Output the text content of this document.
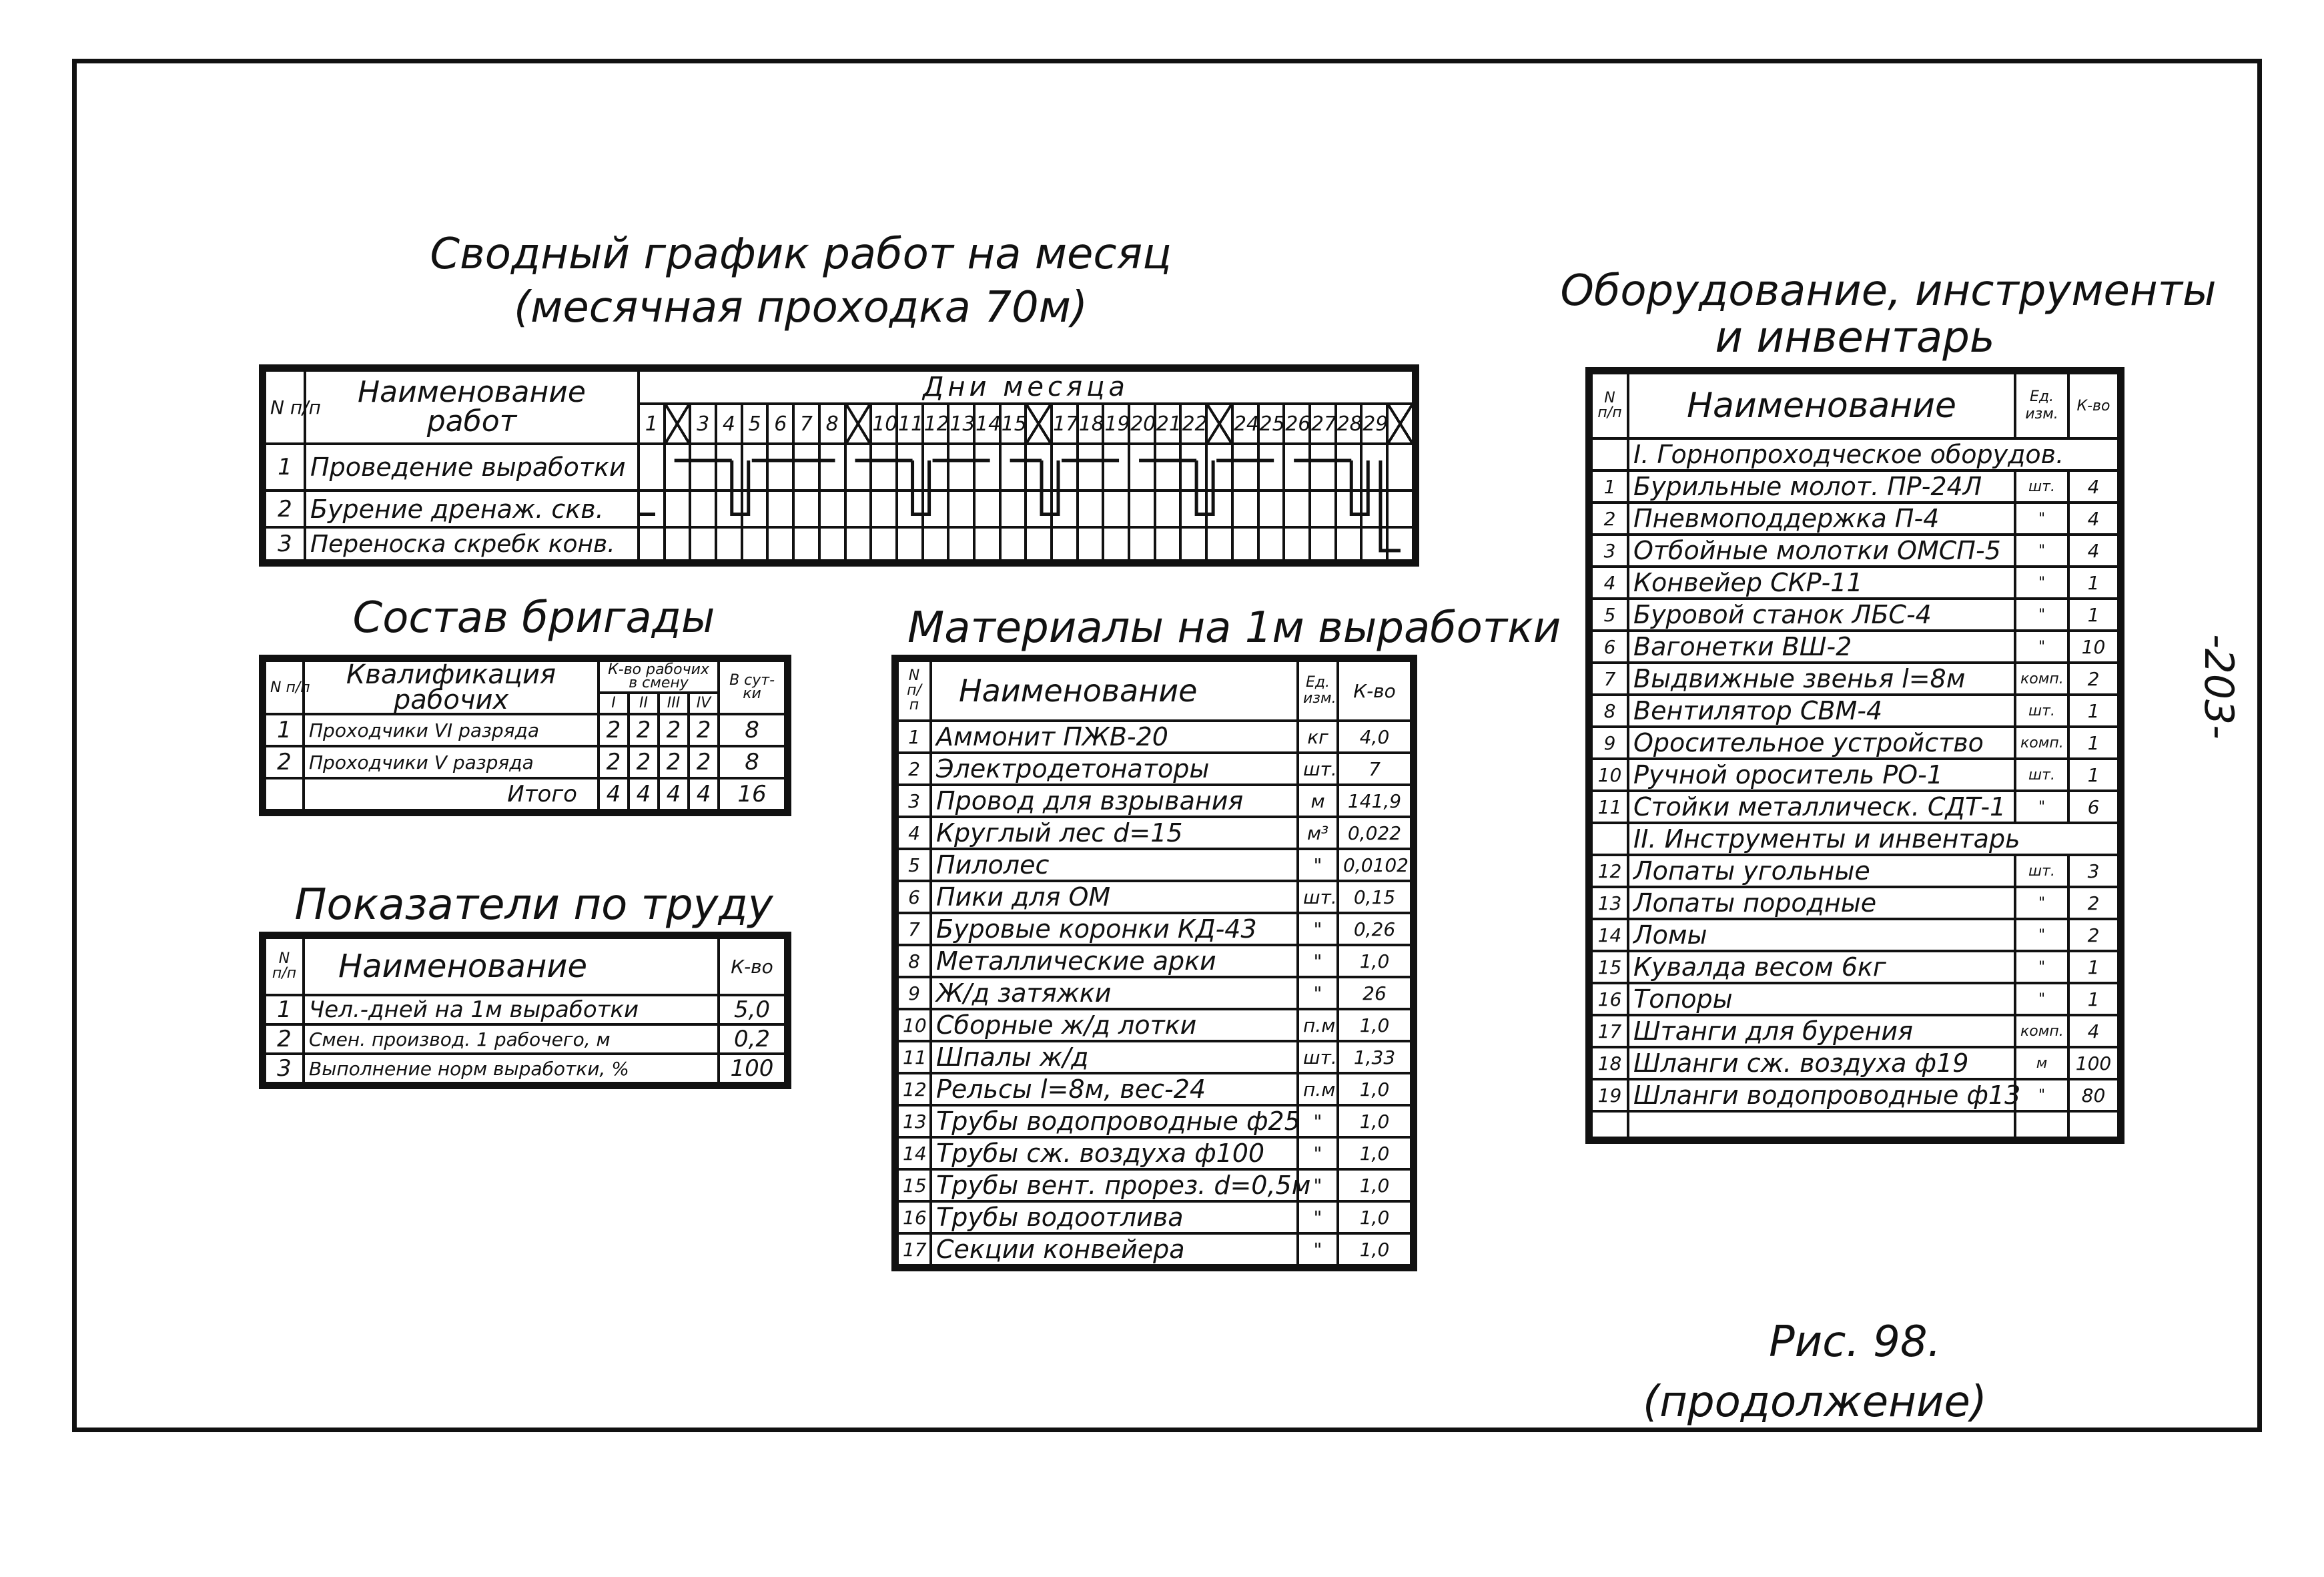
-203-
Сводный график работ на месяц
(месячная проходка 70м)
N п/п	Наименование работ	Дни месяца																													
		1		3	4	5	6	7	8		10	11	12	13	14	15		17	18	19	20	21	22		24	25	26	27	28	29	
1	Проведение выработки																														
2	Бурение дренаж. скв.																														
3	Переноска скребк конв.																														
Состав бригады
N п/п	Квалификация рабочих	К-во рабочих в смену				В сут-ки
		I	II	III	IV	
1	Проходчики VI разряда	2	2	2	2	8
2	Проходчики V разряда	2	2	2	2	8
	Итого	4	4	4	4	16
Показатели по труду
N п/п	Наименование	К-во
1	Чел.-дней на 1м выработки	5,0
2	Смен. производ. 1 рабочего, м	0,2
3	Выполнение норм выработки, %	100
Материалы на 1м выработки
N п/п	Наименование	Ед. изм.	К-во
1	Аммонит ПЖВ-20	кг	4,0
2	Электродетонаторы	шт.	7
3	Провод для взрывания	м	141,9
4	Круглый лес d=15	м³	0,022
5	Пилолес	"	0,0102
6	Пики для ОМ	шт.	0,15
7	Буровые коронки КД-43	"	0,26
8	Металлические арки	"	1,0
9	Ж/д затяжки	"	26
10	Сборные ж/д лотки	п.м.	1,0
11	Шпалы ж/д	шт.	1,33
12	Рельсы l=8м, вес-24	п.м.	1,0
13	Трубы водопроводные ф25	"	1,0
14	Трубы сж. воздуха ф100	"	1,0
15	Трубы вент. прорез. d=0,5м	"	1,0
16	Трубы водоотлива	"	1,0
17	Секции конвейера	"	1,0
Оборудование, инструменты
и инвентарь
N п/п	Наименование	Ед. изм.	К-во
	I. Горнопроходческое оборудов.		
1	Бурильные молот. ПР-24Л	шт.	4
2	Пневмоподдержка П-4	"	4
3	Отбойные молотки ОМСП-5	"	4
4	Конвейер СКР-11	"	1
5	Буровой станок ЛБС-4	"	1
6	Вагонетки ВШ-2	"	10
7	Выдвижные звенья l=8м	комп.	2
8	Вентилятор СВМ-4	шт.	1
9	Оросительное устройство	комп.	1
10	Ручной ороситель РО-1	шт.	1
11	Стойки металлическ. СДТ-1	"	6
	II. Инструменты и инвентарь		
12	Лопаты угольные	шт.	3
13	Лопаты породные	"	2
14	Ломы	"	2
15	Кувалда весом 6кг	"	1
16	Топоры	"	1
17	Штанги для бурения	комп.	4
18	Шланги сж. воздуха ф19	м	100
19	Шланги водопроводные ф13	"	80

Рис. 98.
(продолжение)
